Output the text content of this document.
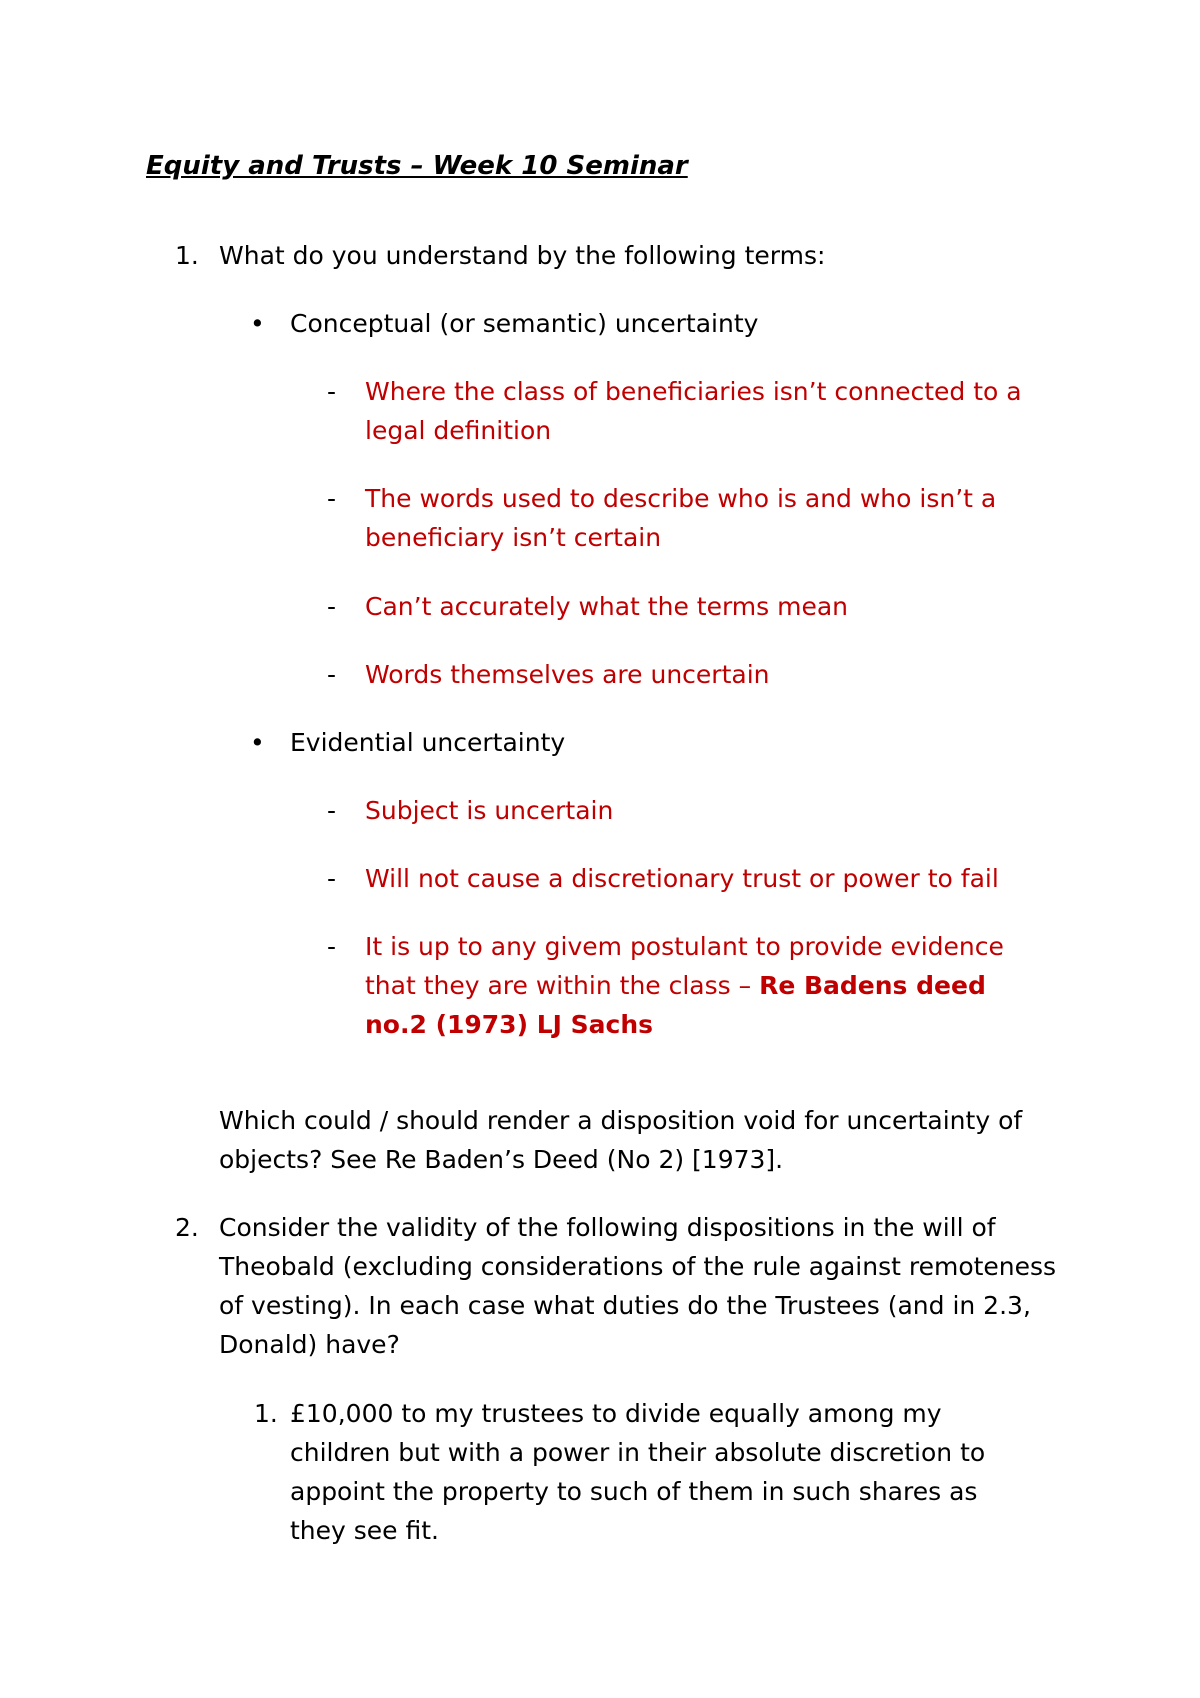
Equity and Trusts – Week 10 Seminar
1. What do you understand by the following terms:
• Conceptual (or semantic) uncertainty
- Where the class of beneficiaries isn’t connected to a legal definition
- The words used to describe who is and who isn’t a beneficiary isn’t certain
- Can’t accurately what the terms mean
- Words themselves are uncertain
• Evidential uncertainty
- Subject is uncertain
- Will not cause a discretionary trust or power to fail
- It is up to any givem postulant to provide evidence that they are within the class – Re Badens deed no.2 (1973) LJ Sachs
Which could / should render a disposition void for uncertainty of objects? See Re Baden’s Deed (No 2) [1973].
2. Consider the validity of the following dispositions in the will of Theobald (excluding considerations of the rule against remoteness of vesting). In each case what duties do the Trustees (and in 2.3, Donald) have?
1. £10,000 to my trustees to divide equally among my children but with a power in their absolute discretion to appoint the property to such of them in such shares as they see fit.
